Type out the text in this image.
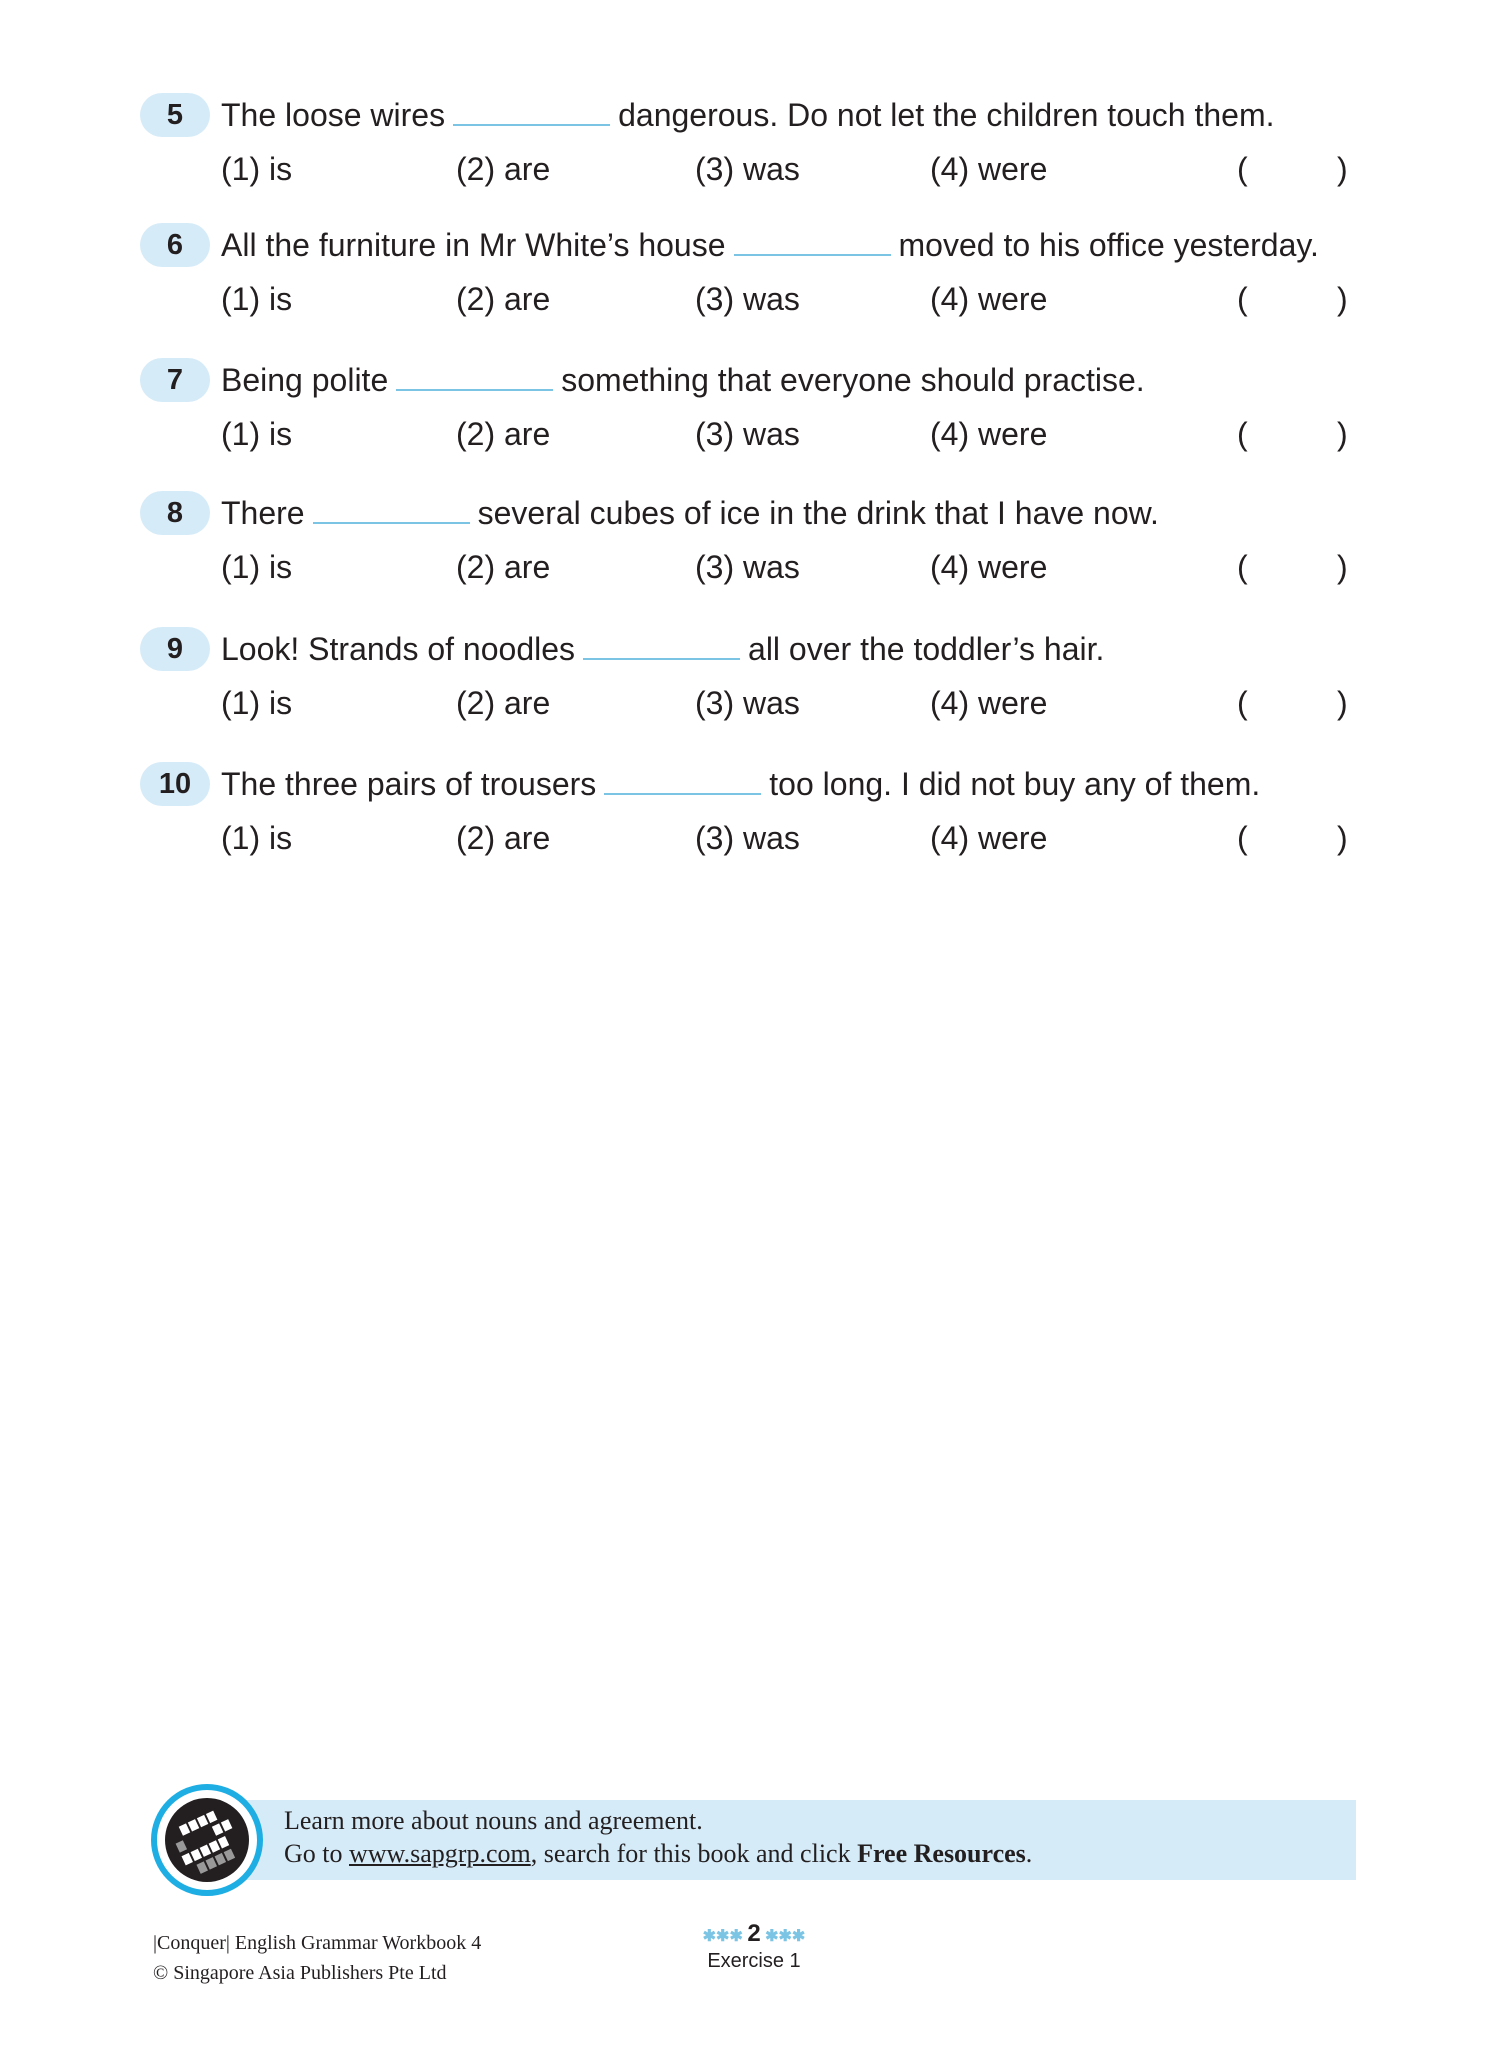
5	The loose wires	dangerous. Do not let the children touch them.
(1) is	(2) are	(3) was	(4) were	(	)
6	All the furniture in Mr White’s house	moved to his office yesterday.
(1) is	(2) are	(3) was	(4) were	(	)
7	Being polite	something that everyone should practise.
(1) is	(2) are	(3) was	(4) were	(	)
8	There	several cubes of ice in the drink that I have now.
(1) is	(2) are	(3) was	(4) were	(	)
9	Look! Strands of noodles	all over the toddler’s hair.
(1) is	(2) are	(3) was	(4) were	(	)
10 The three pairs of trousers	too long. I did not buy any of them.
(1) is	(2) are	(3) was	(4) were	(	)
Learn more about nouns and agreement.
Go to www.sapgrp.com, search for this book and click Free Resources.
|Conquer| English Grammar Workbook 4
© Singapore Asia Publishers Pte Ltd
✱✱✱ 2 ✱✱✱
Exercise 1
